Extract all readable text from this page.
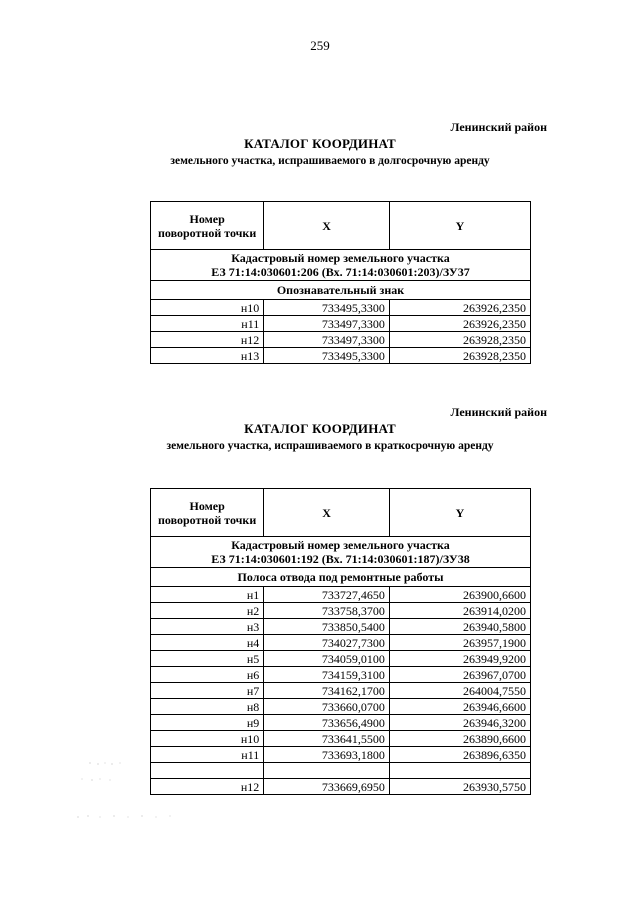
259
Ленинский район
КАТАЛОГ КООРДИНАТ
земельного участка, испрашиваемого в долгосрочную аренду
Номер
поворотной точки	X	Y
Кадастровый номер земельного участка
ЕЗ 71:14:030601:206 (Вх. 71:14:030601:203)/ЗУ37		
Опознавательный знак		
н10	733495,3300	263926,2350
н11	733497,3300	263926,2350
н12	733497,3300	263928,2350
н13	733495,3300	263928,2350
Ленинский район
КАТАЛОГ КООРДИНАТ
земельного участка, испрашиваемого в краткосрочную аренду
Номер
поворотной точки	X	Y
Кадастровый номер земельного участка
ЕЗ 71:14:030601:192 (Вх. 71:14:030601:187)/ЗУ38		
Полоса отвода под ремонтные работы		
н1	733727,4650	263900,6600
н2	733758,3700	263914,0200
н3	733850,5400	263940,5800
н4	734027,7300	263957,1900
н5	734059,0100	263949,9200
н6	734159,3100	263967,0700
н7	734162,1700	264004,7550
н8	733660,0700	263946,6600
н9	733656,4900	263946,3200
н10	733641,5500	263890,6600
н11	733693,1800	263896,6350

н12	733669,6950	263930,5750
